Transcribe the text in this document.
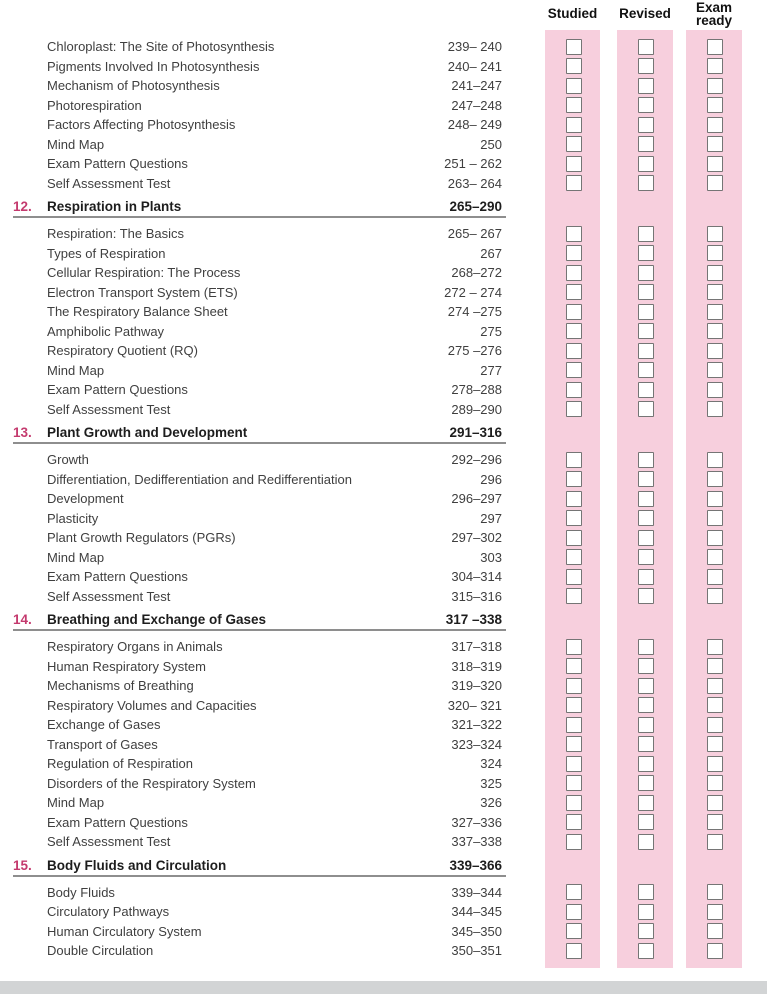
Studied Revised	Exam
ready
Chloroplast: The Site of Photosynthesis	239– 240
Pigments Involved In Photosynthesis	240– 241
Mechanism of Photosynthesis	241–247
Photorespiration	247–248
Factors Affecting Photosynthesis	248– 249
Mind Map	250
Exam Pattern Questions	251 – 262
Self Assessment Test	263– 264
12.	Respiration in Plants	265–290
Respiration: The Basics	265– 267
Types of Respiration	267
Cellular Respiration: The Process	268–272
Electron Transport System (ETS)	272 – 274
The Respiratory Balance Sheet	274 –275
Amphibolic Pathway	275
Respiratory Quotient (RQ)	275 –276
Mind Map	277
Exam Pattern Questions	278–288
Self Assessment Test	289–290
13.	Plant Growth and Development	291–316
Growth	292–296
Differentiation, Dedifferentiation and Redifferentiation	296
Development	296–297
Plasticity	297
Plant Growth Regulators (PGRs)	297–302
Mind Map	303
Exam Pattern Questions	304–314
Self Assessment Test	315–316
14.	Breathing and Exchange of Gases	317 –338
Respiratory Organs in Animals	317–318
Human Respiratory System	318–319
Mechanisms of Breathing	319–320
Respiratory Volumes and Capacities	320– 321
Exchange of Gases	321–322
Transport of Gases	323–324
Regulation of Respiration	324
Disorders of the Respiratory System	325
Mind Map	326
Exam Pattern Questions	327–336
Self Assessment Test	337–338
15.	Body Fluids and Circulation	339–366
Body Fluids	339–344
Circulatory Pathways	344–345
Human Circulatory System	345–350
Double Circulation	350–351
